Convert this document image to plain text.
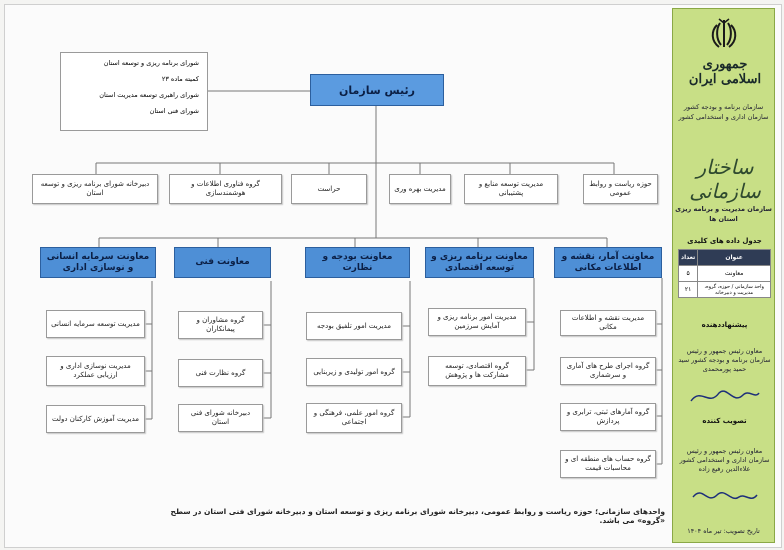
شورای برنامه ریزی و توسعه استان
کمیته ماده ۲۳
شورای راهبری توسعه مدیریت استان
شورای فنی استان
رئیس سازمان
حوزه ریاست و روابط عمومی
مدیریت توسعه منابع و پشتیبانی
مدیریت بهره وری
حراست
گروه فناوری اطلاعات و هوشمندسازی
دبیرخانه شورای برنامه ریزی و توسعه استان
معاونت آمار، نقشه و اطلاعات مکانی
معاونت برنامه ریزی و توسعه اقتصادی
معاونت بودجه و نظارت
معاونت فنی
معاونت سرمایه انسانی و نوسازی اداری
مدیریت نقشه و اطلاعات مکانی
گروه اجرای طرح های آماری و سرشماری
گروه آمارهای ثبتی، ترابری و پردازش
گروه حساب های منطقه ای و محاسبات قیمت
مدیریت امور برنامه ریزی و آمایش سرزمین
گروه اقتصادی، توسعه مشارکت ها و پژوهش
مدیریت امور تلفیق بودجه
گروه امور تولیدی و زیربنایی
گروه امور علمی، فرهنگی و اجتماعی
گروه مشاوران و پیمانکاران
گروه نظارت فنی
دبیرخانه شورای فنی استان
مدیریت توسعه سرمایه انسانی
مدیریت نوسازی اداری و ارزیابی عملکرد
مدیریت آموزش کارکنان دولت
واحدهای سازمانی؛ حوزه ریاست و روابط عمومی، دبیرخانه شورای برنامه ریزی و توسعه استان و دبیرخانه شورای فنی استان در سطح «گروه» می باشد.
جمهوری اسلامی ایران
سازمان برنامه و بودجه کشور
سازمان اداری و استخدامی کشور
ساختار سازمانی
سازمان مدیریت و برنامه ریزی
استان ها
جدول داده های کلیدی
عنوان	تعداد
معاونت	۵
واحد سازمانی / حوزه، گروه، مدیریت و دبیرخانه	۲۱
پیشنهاددهنده
معاون رئیس جمهور و رئیس سازمان برنامه و بودجه کشور سید حمید پورمحمدی
تصویب کننده
معاون رئیس جمهور و رئیس سازمان اداری و استخدامی کشور علاءالدین رفیع زاده
تاریخ تصویب: تیر ماه ۱۴۰۴
